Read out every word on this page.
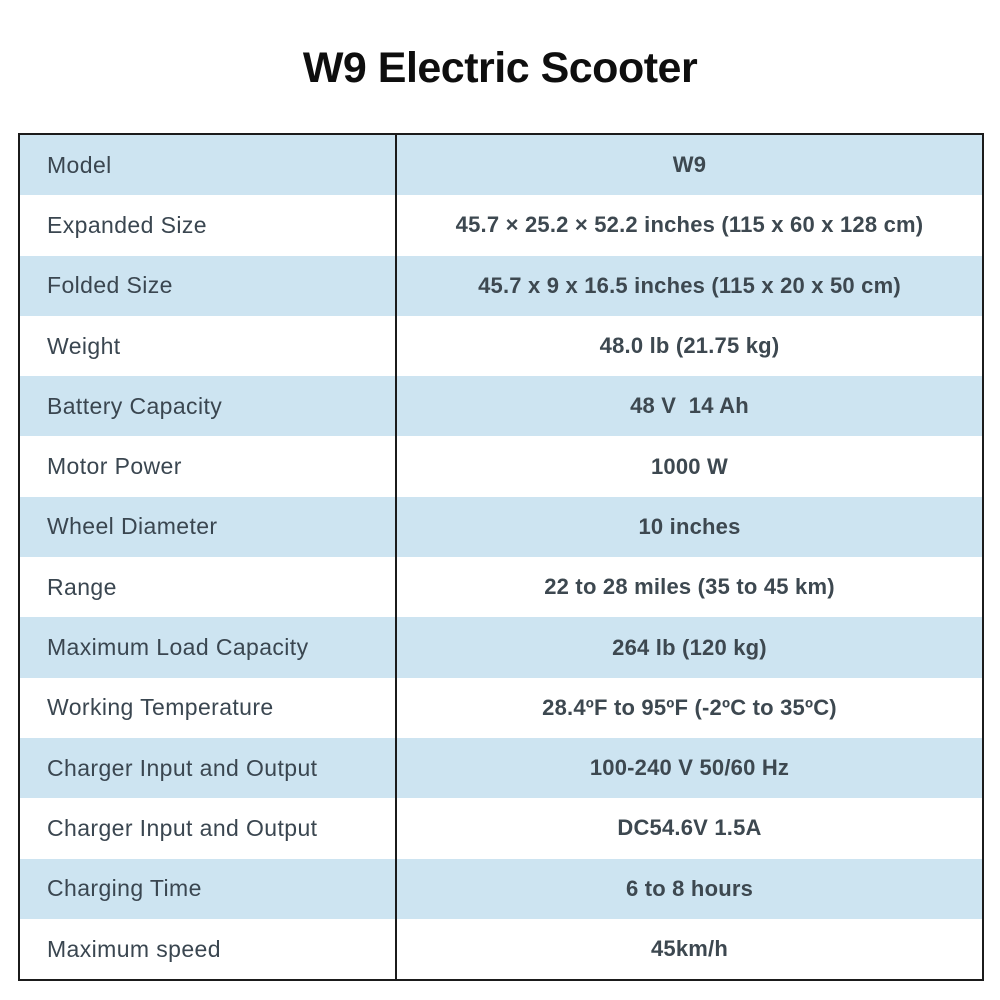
W9 Electric Scooter
Model	W9
Expanded Size	45.7 × 25.2 × 52.2 inches (115 x 60 x 128 cm)
Folded Size	45.7 x 9 x 16.5 inches (115 x 20 x 50 cm)
Weight	48.0 lb (21.75 kg)
Battery Capacity	48 V  14 Ah
Motor Power	1000 W
Wheel Diameter	10 inches
Range	22 to 28 miles (35 to 45 km)
Maximum Load Capacity	264 lb (120 kg)
Working Temperature	28.4ºF to 95ºF (-2ºC to 35ºC)
Charger Input and Output	100-240 V 50/60 Hz
Charger Input and Output	DC54.6V 1.5A
Charging Time	6 to 8 hours
Maximum speed	45km/h
